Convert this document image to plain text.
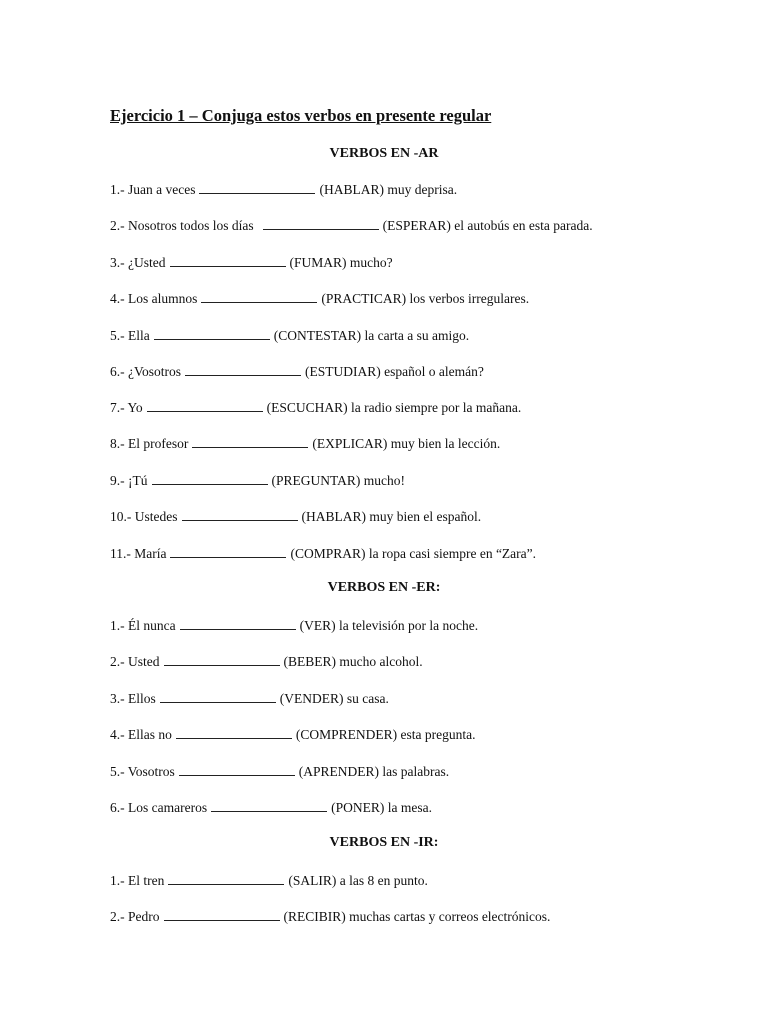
Ejercicio 1 – Conjuga estos verbos en presente regular

VERBOS EN -AR

1.- Juan a veces	(HABLAR) muy deprisa.
2.- Nosotros todos los días	(ESPERAR) el autobús en esta parada.
3.- ¿Usted	(FUMAR) mucho?
4.- Los alumnos	(PRACTICAR) los verbos irregulares.
5.- Ella	(CONTESTAR) la carta a su amigo.
6.- ¿Vosotros	(ESTUDIAR) español o alemán?
7.- Yo	(ESCUCHAR) la radio siempre por la mañana.
8.- El profesor	(EXPLICAR) muy bien la lección.
9.- ¡Tú	(PREGUNTAR) mucho!
10.- Ustedes	(HABLAR) muy bien el español.
11.- María	(COMPRAR) la ropa casi siempre en “Zara”.

VERBOS EN -ER:

1.- Él nunca	(VER) la televisión por la noche.
2.- Usted	(BEBER) mucho alcohol.
3.- Ellos	(VENDER) su casa.
4.- Ellas no	(COMPRENDER) esta pregunta.
5.- Vosotros	(APRENDER) las palabras.
6.- Los camareros	(PONER) la mesa.

VERBOS EN -IR:

1.- El tren	(SALIR) a las 8 en punto.
2.- Pedro	(RECIBIR) muchas cartas y correos electrónicos.
